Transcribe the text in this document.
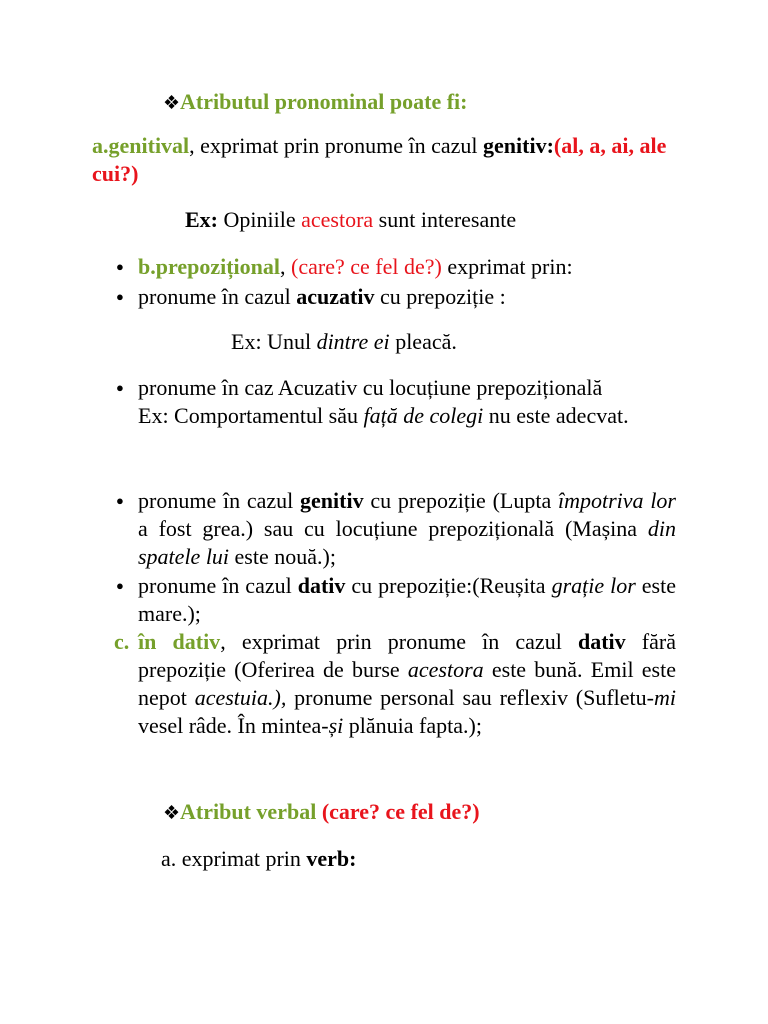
❖Atributul pronominal poate fi:
a.genitival, exprimat prin pronume în cazul genitiv:(al, a, ai, ale cui?)
Ex: Opiniile acestora sunt interesante
● b.prepozițional, (care? ce fel de?) exprimat prin:
● pronume în cazul acuzativ cu prepoziție :
Ex: Unul dintre ei pleacă.
● pronume în caz Acuzativ cu locuțiune prepozițională
Ex: Comportamentul său față de colegi nu este adecvat.
● pronume în cazul genitiv cu prepoziție (Lupta împotriva lor a fost grea.) sau cu locuțiune prepozițională (Mașina din spatele lui este nouă.);
● pronume în cazul dativ cu prepoziție:(Reușita grație lor este mare.);
c. în dativ, exprimat prin pronume în cazul dativ fără prepoziție (Oferirea de burse acestora este bună. Emil este nepot acestuia.), pronume personal sau reflexiv (Sufletu-mi vesel râde. În mintea-și plănuia fapta.);
❖Atribut verbal (care? ce fel de?)
a. exprimat prin verb:
